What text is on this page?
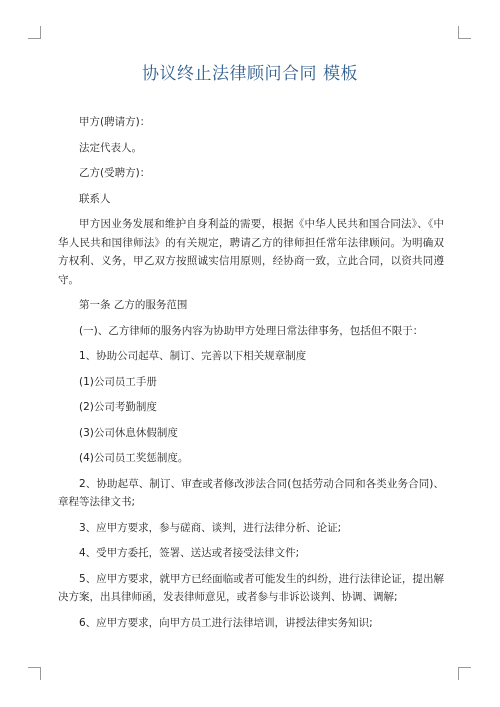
协议终止法律顾问合同 模板

甲方(聘请方)：

法定代表人。

乙方(受聘方)：

联系人

甲方因业务发展和维护自身利益的需要，根据《中华人民共和国合同法》、《中华人民共和国律师法》的有关规定，聘请乙方的律师担任常年法律顾问。为明确双方权利、义务，甲乙双方按照诚实信用原则，经协商一致，立此合同，以资共同遵守。

第一条 乙方的服务范围

(一)、乙方律师的服务内容为协助甲方处理日常法律事务，包括但不限于：

1、协助公司起草、制订、完善以下相关规章制度

(1)公司员工手册

(2)公司考勤制度

(3)公司休息休假制度

(4)公司员工奖惩制度。

2、协助起草、制订、审查或者修改涉法合同(包括劳动合同和各类业务合同)、章程等法律文书;

3、应甲方要求，参与磋商、谈判，进行法律分析、论证;

4、受甲方委托，签署、送达或者接受法律文件;

5、应甲方要求，就甲方已经面临或者可能发生的纠纷，进行法律论证，提出解决方案，出具律师函，发表律师意见，或者参与非诉讼谈判、协调、调解;

6、应甲方要求，向甲方员工进行法律培训，讲授法律实务知识;
